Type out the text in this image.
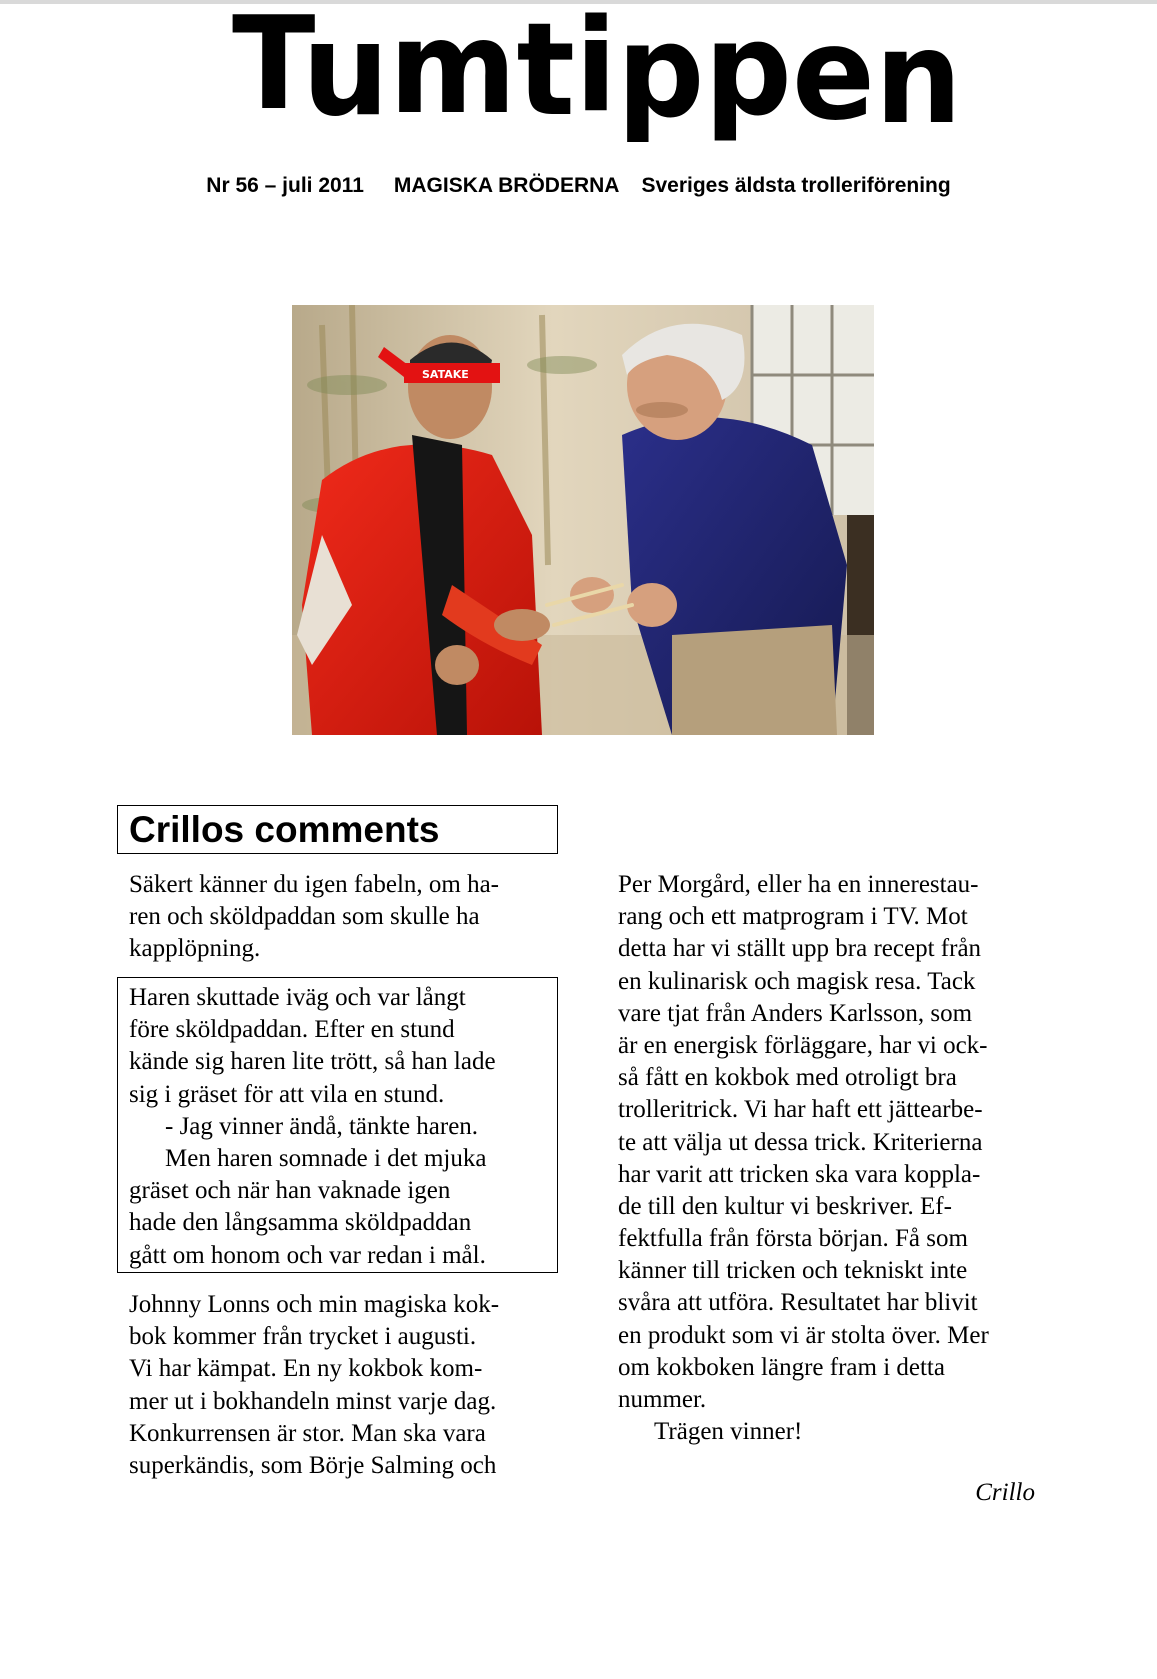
Tumtippen
Nr 56 – juli 2011 MAGISKA BRÖDERNA Sveriges äldsta trolleriförening
SATAKE
Crillos comments
Säkert känner du igen fabeln, om ha-
ren och sköldpaddan som skulle ha
kapplöpning.
Haren skuttade iväg och var långt
före sköldpaddan. Efter en stund
kände sig haren lite trött, så han lade
sig i gräset för att vila en stund.
- Jag vinner ändå, tänkte haren.
Men haren somnade i det mjuka
gräset och när han vaknade igen
hade den långsamma sköldpaddan
gått om honom och var redan i mål.
Johnny Lonns och min magiska kok-
bok kommer från trycket i augusti.
Vi har kämpat. En ny kokbok kom-
mer ut i bokhandeln minst varje dag.
Konkurrensen är stor. Man ska vara
superkändis, som Börje Salming och
Per Morgård, eller ha en innerestau-
rang och ett matprogram i TV. Mot
detta har vi ställt upp bra recept från
en kulinarisk och magisk resa. Tack
vare tjat från Anders Karlsson, som
är en energisk förläggare, har vi ock-
så fått en kokbok med otroligt bra
trolleritrick. Vi har haft ett jättearbe-
te att välja ut dessa trick. Kriterierna
har varit att tricken ska vara koppla-
de till den kultur vi beskriver. Ef-
fektfulla från första början. Få som
känner till tricken och tekniskt inte
svåra att utföra. Resultatet har blivit
en produkt som vi är stolta över. Mer
om kokboken längre fram i detta
nummer.
Trägen vinner!
Crillo
